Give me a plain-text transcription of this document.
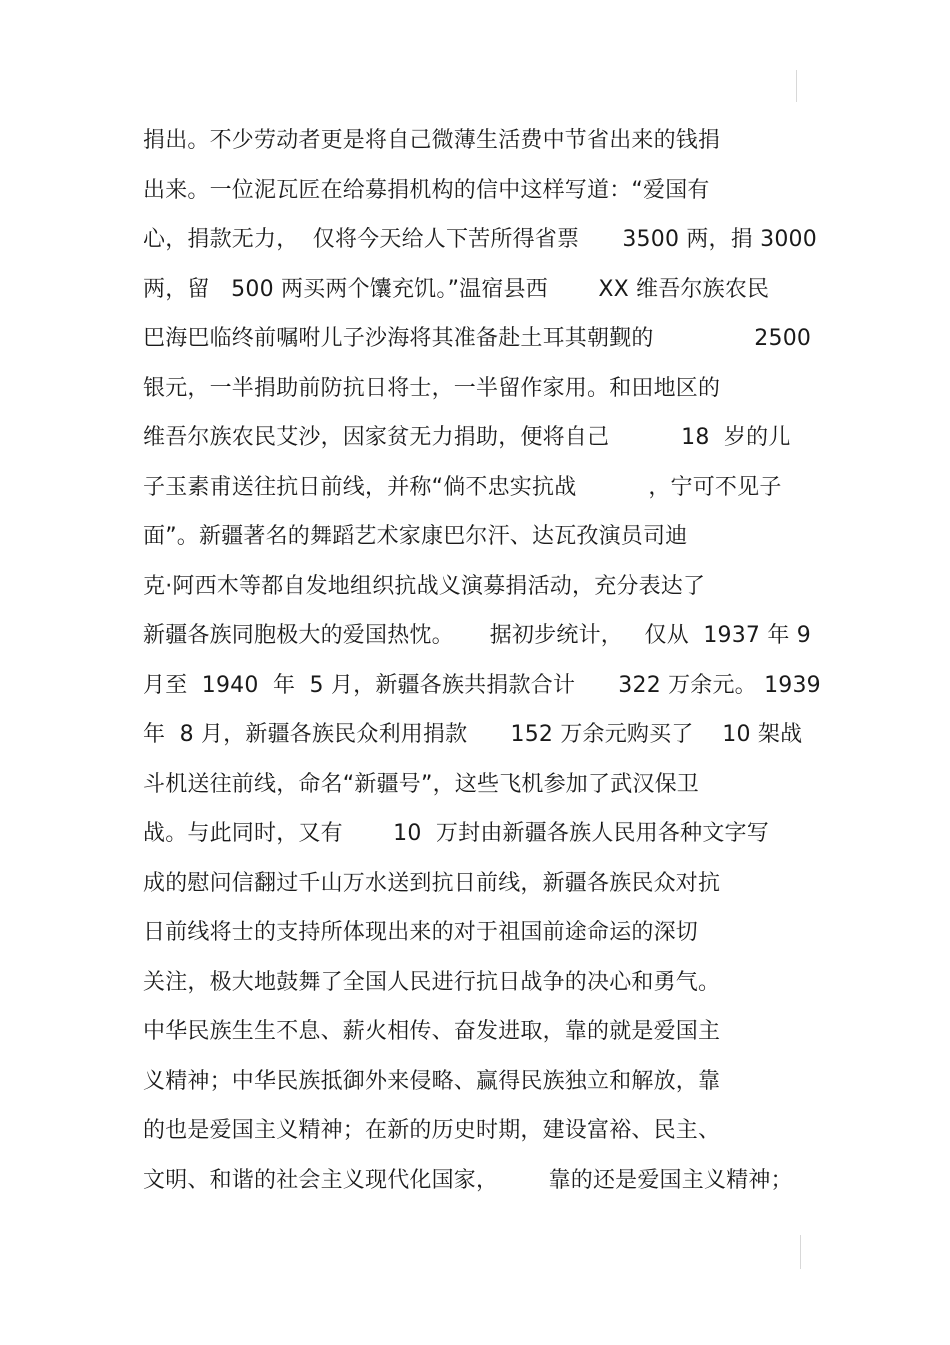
捐出。不少劳动者更是将自己微薄生活费中节省出来的钱捐
出来。一位泥瓦匠在给募捐机构的信中这样写道：“爱国有
心，捐款无力，  仅将今天给人下苦所得省票      3500 两，捐 3000
两，留   500 两买两个馕充饥。”温宿县西       XX 维吾尔族农民
巴海巴临终前嘱咐儿子沙海将其准备赴土耳其朝觐的              2500
银元，一半捐助前防抗日将士，一半留作家用。和田地区的
维吾尔族农民艾沙，因家贫无力捐助，便将自己          18  岁的儿
子玉素甫送往抗日前线，并称“倘不忠实抗战          ，宁可不见子
面”。新疆著名的舞蹈艺术家康巴尔汗、达瓦孜演员司迪
克·阿西木等都自发地组织抗战义演募捐活动，充分表达了
新疆各族同胞极大的爱国热忱。     据初步统计，   仅从  1937 年 9
月至  1940  年  5 月，新疆各族共捐款合计      322 万余元。 1939
年  8 月，新疆各族民众利用捐款      152 万余元购买了    10 架战
斗机送往前线，命名“新疆号”，这些飞机参加了武汉保卫
战。与此同时，又有       10  万封由新疆各族人民用各种文字写
成的慰问信翻过千山万水送到抗日前线，新疆各族民众对抗
日前线将士的支持所体现出来的对于祖国前途命运的深切
关注，极大地鼓舞了全国人民进行抗日战争的决心和勇气。
中华民族生生不息、薪火相传、奋发进取，靠的就是爱国主
义精神；中华民族抵御外来侵略、赢得民族独立和解放，靠
的也是爱国主义精神；在新的历史时期，建设富裕、民主、
文明、和谐的社会主义现代化国家，       靠的还是爱国主义精神；
